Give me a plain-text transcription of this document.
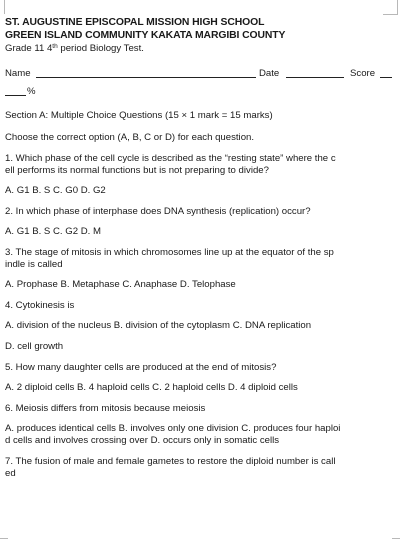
ST. AUGUSTINE EPISCOPAL MISSION HIGH SCHOOL
GREEN ISLAND COMMUNITY KAKATA MARGIBI COUNTY
Grade 11 4th period Biology Test.
Name	Date	Score
%
Section A: Multiple Choice Questions (15 × 1 mark = 15 marks)
Choose the correct option (A, B, C or D) for each question.
1. Which phase of the cell cycle is described as the “resting state” where the c
ell performs its normal functions but is not preparing to divide?
A. G1 B. S C. G0 D. G2
2. In which phase of interphase does DNA synthesis (replication) occur?
A. G1 B. S C. G2 D. M
3. The stage of mitosis in which chromosomes line up at the equator of the sp
indle is called
A. Prophase B. Metaphase C. Anaphase D. Telophase
4. Cytokinesis is
A. division of the nucleus B. division of the cytoplasm C. DNA replication
D. cell growth
5. How many daughter cells are produced at the end of mitosis?
A. 2 diploid cells B. 4 haploid cells C. 2 haploid cells D. 4 diploid cells
6. Meiosis differs from mitosis because meiosis
A. produces identical cells B. involves only one division C. produces four haploi
d cells and involves crossing over D. occurs only in somatic cells
7. The fusion of male and female gametes to restore the diploid number is call
ed
